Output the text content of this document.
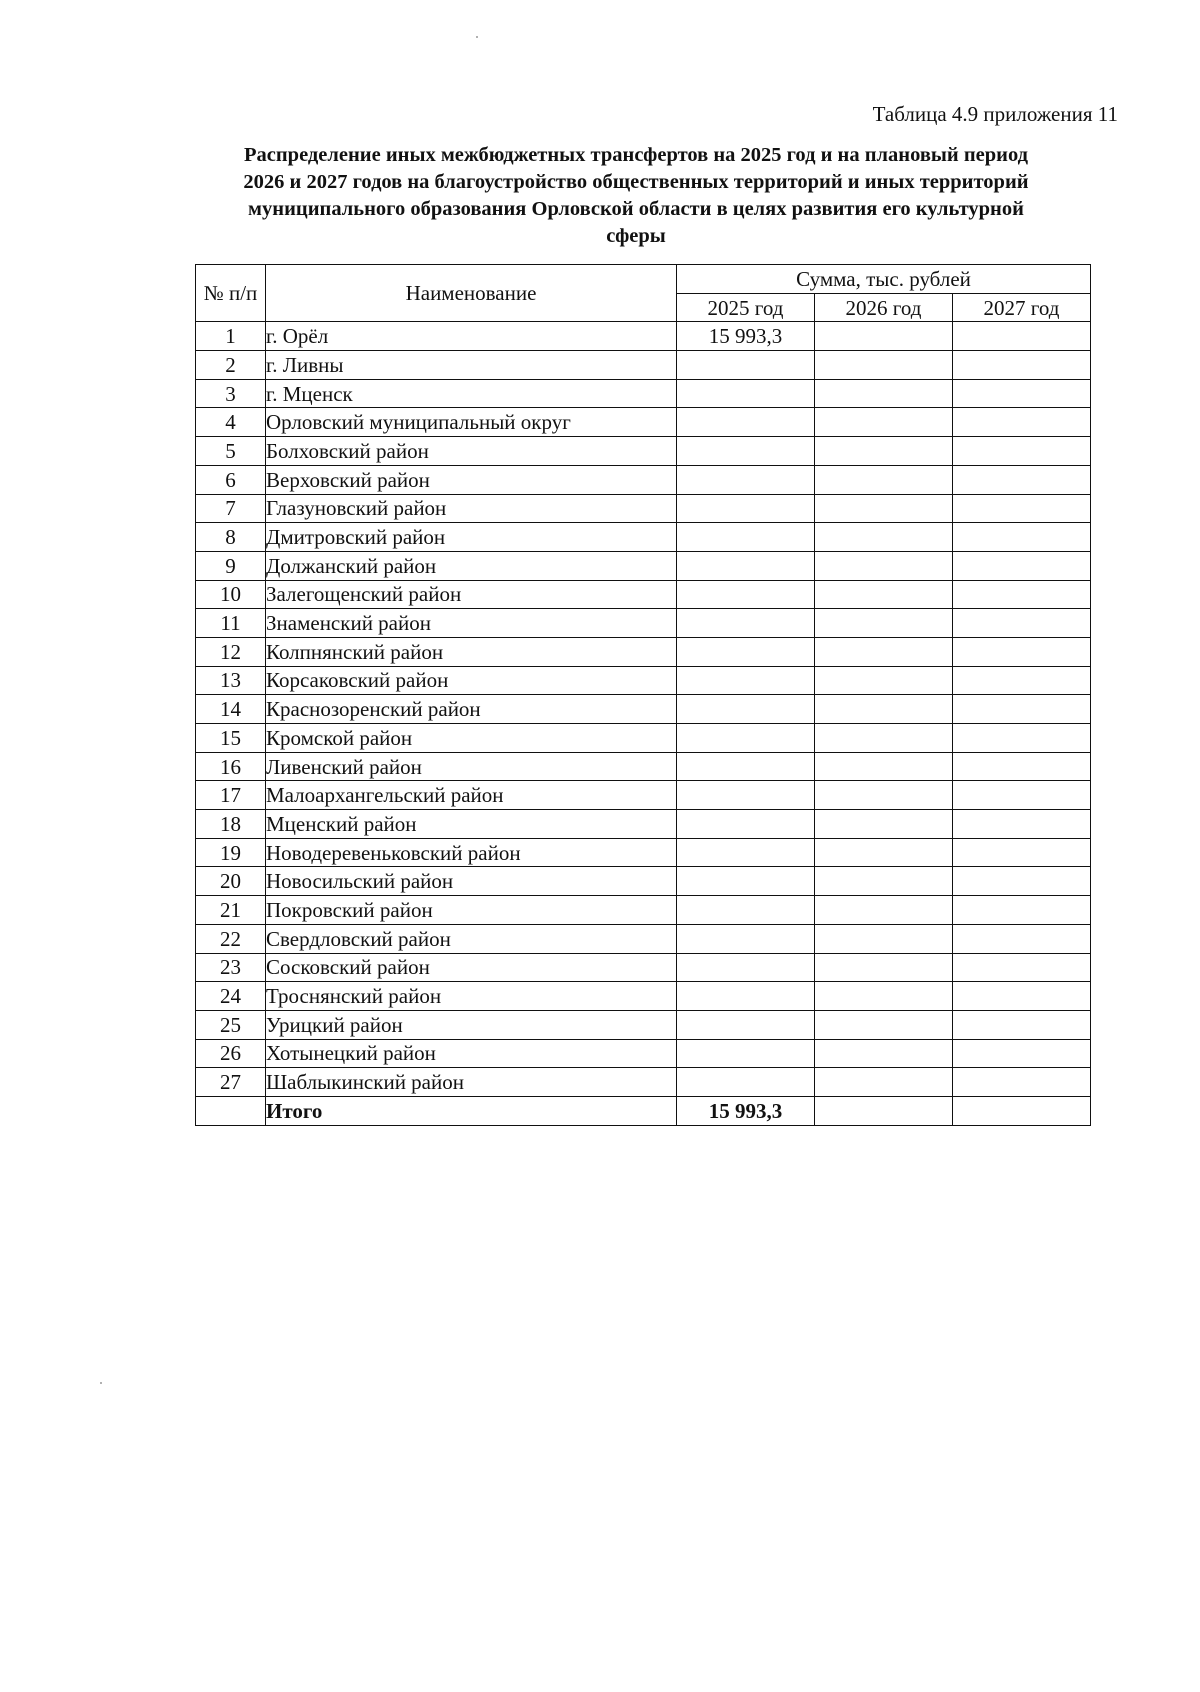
Таблица 4.9 приложения 11
Распределение иных межбюджетных трансфертов на 2025 год и на плановый период
2026 и 2027 годов на благоустройство общественных территорий и иных территорий
муниципального образования Орловской области в целях развития его культурной
сферы
№ п/п	Наименование	Сумма, тыс. рублей		
		2025 год	2026 год	2027 год
1	г. Орёл	15 993,3		
2	г. Ливны			
3	г. Мценск			
4	Орловский муниципальный округ			
5	Болховский район			
6	Верховский район			
7	Глазуновский район			
8	Дмитровский район			
9	Должанский район			
10	Залегощенский район			
11	Знаменский район			
12	Колпнянский район			
13	Корсаковский район			
14	Краснозоренский район			
15	Кромской район			
16	Ливенский район			
17	Малоархангельский район			
18	Мценский район			
19	Новодеревеньковский район			
20	Новосильский район			
21	Покровский район			
22	Свердловский район			
23	Сосковский район			
24	Троснянский район			
25	Урицкий район			
26	Хотынецкий район			
27	Шаблыкинский район			
	Итого	15 993,3		
